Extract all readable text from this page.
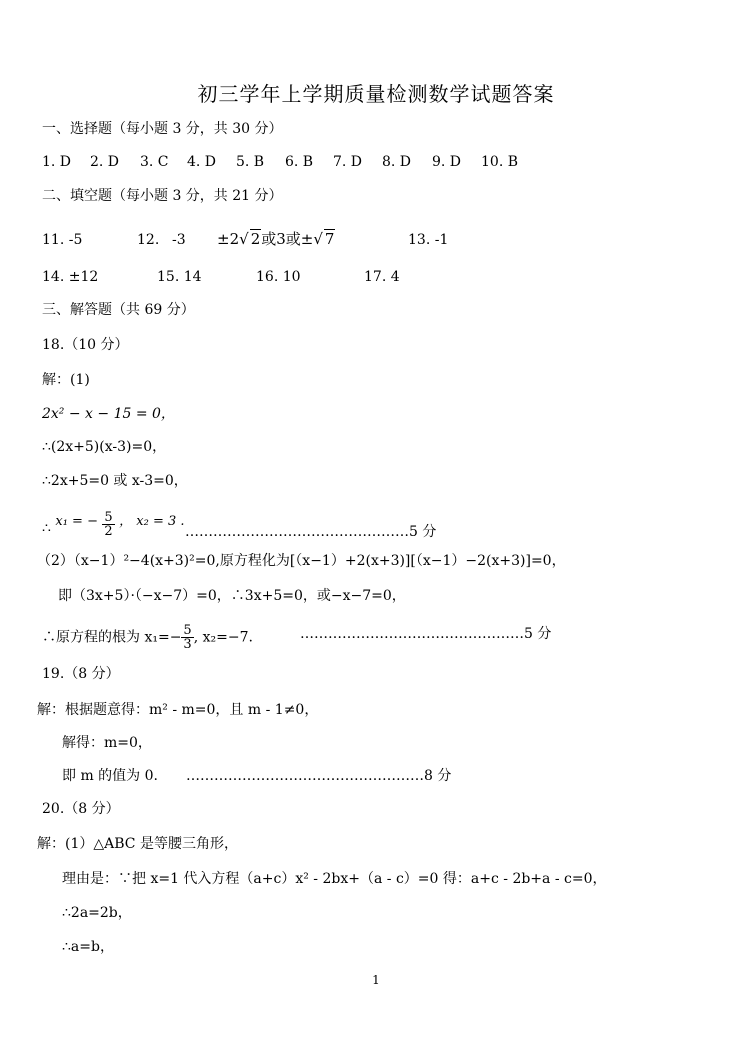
初三学年上学期质量检测数学试题答案
一、选择题（每小题 3 分，共 30 分）
1. D 2. D 3. C 4. D 5. B 6. B 7. D 8. D 9. D 10. B
二、填空题（每小题 3 分，共 21 分）
11. -5	12. -3 ±2√ 2或3或±√ 7	13. -1
14. ±12	15. 14	16. 10	17. 4
三、解答题（共 69 分）
18.（10 分）
解：(1)
2x² − x − 15 = 0，
∴(2x+5)(x-3)=0，
∴2x+5=0 或 x-3=0，
∴ x₁ = − $\frac{5}{2}$ ， x₂ = 3 .
…………………………………………5 分
（2）（x−1）²−4(x+3)²=0,原方程化为[（x−1）+2(x+3)][（x−1）−2(x+3)]=0，
即（3x+5）·（−x−7）=0，∴3x+5=0，或−x−7=0，
∴原方程的根为 $x_1=- \frac{5}{3}$ , x₂=−7.	…………………………………………5 分
19.（8 分）
解：根据题意得：m² - m=0，且 m - 1≠0，
解得：m=0，
即 m 的值为 0. ……………………………………………8 分
20.（8 分）
解：(1）△ABC 是等腰三角形，
理由是：∵把 x=1 代入方程（a+c）x² - 2bx+（a - c）=0 得：a+c - 2b+a - c=0，
∴2a=2b，
∴a=b，
1
